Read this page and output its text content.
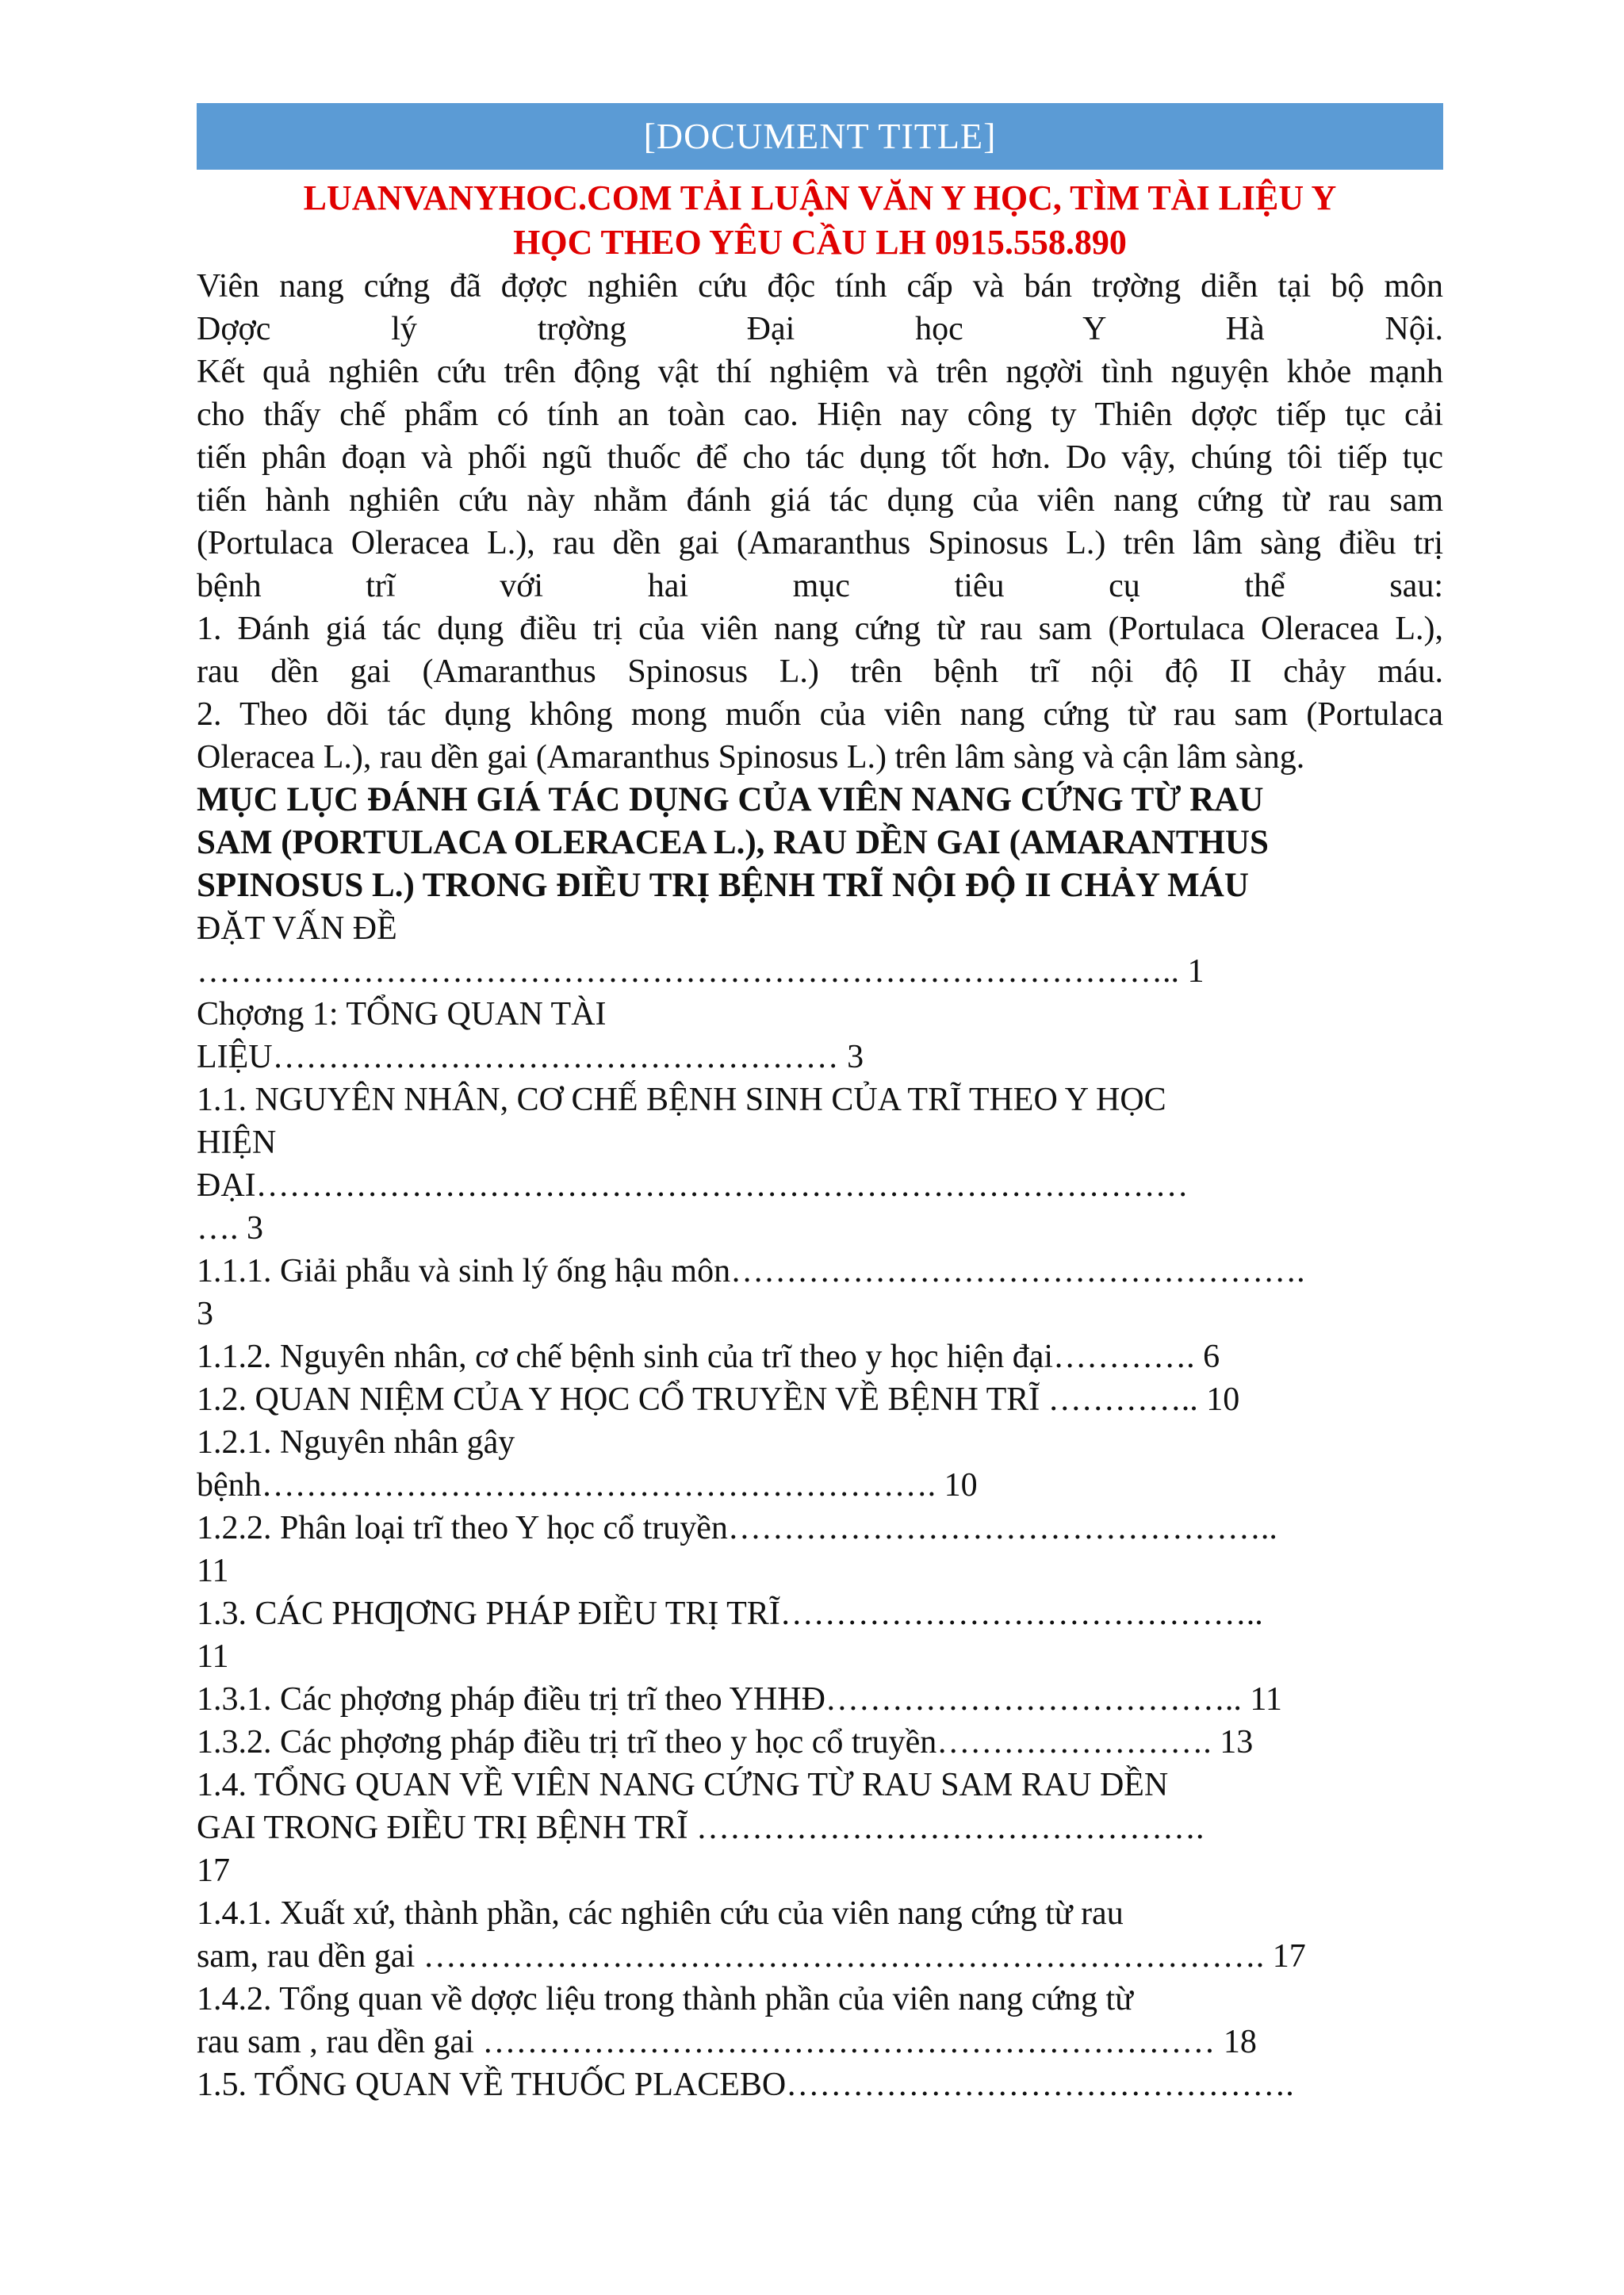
[DOCUMENT TITLE]
LUANVANYHOC.COM TẢI LUẬN VĂN Y HỌC, TÌM TÀI LIỆU Y
HỌC THEO YÊU CẦU LH 0915.558.890
Viên nang cứng đã đợợc nghiên cứu độc tính cấp và bán trợờng diễn tại bộ môn
Dợợc lý trợờng Đại học Y Hà Nội.
Kết quả nghiên cứu trên động vật thí nghiệm và trên ngợời tình nguyện khỏe mạnh
cho thấy chế phẩm có tính an toàn cao. Hiện nay công ty Thiên dợợc tiếp tục cải
tiến phân đoạn và phối ngũ thuốc để cho tác dụng tốt hơn. Do vậy, chúng tôi tiếp tục
tiến hành nghiên cứu này nhằm đánh giá tác dụng của viên nang cứng từ rau sam
(Portulaca Oleracea L.), rau dền gai (Amaranthus Spinosus L.) trên lâm sàng điều trị
bệnh trĩ với hai mục tiêu cụ thể sau:
1. Đánh giá tác dụng điều trị của viên nang cứng từ rau sam (Portulaca Oleracea L.),
rau dền gai (Amaranthus Spinosus L.) trên bệnh trĩ nội độ II chảy máu.
2. Theo dõi tác dụng không mong muốn của viên nang cứng từ rau sam (Portulaca
Oleracea L.), rau dền gai (Amaranthus Spinosus L.) trên lâm sàng và cận lâm sàng.
MỤC LỤC ĐÁNH GIÁ TÁC DỤNG CỦA VIÊN NANG CỨNG TỪ RAU
SAM (PORTULACA OLERACEA L.), RAU DỀN GAI (AMARANTHUS
SPINOSUS L.) TRONG ĐIỀU TRỊ BỆNH TRĨ NỘI ĐỘ II CHẢY MÁU
ĐẶT VẤN ĐỀ
…………………………………………………………………………….. 1
Chợơng 1: TỔNG QUAN TÀI
LIỆU…………………………………………… 3
1.1. NGUYÊN NHÂN, CƠ CHẾ BỆNH SINH CỦA TRĨ THEO Y HỌC
HIỆN
ĐẠI…………………………………………………………………………
…. 3
1.1.1. Giải phẫu và sinh lý ống hậu môn…………………………………………….
3
1.1.2. Nguyên nhân, cơ chế bệnh sinh của trĩ theo y học hiện đại…………. 6
1.2. QUAN NIỆM CỦA Y HỌC CỔ TRUYỀN VỀ BỆNH TRĨ ………….. 10
1.2.1. Nguyên nhân gây
bệnh……………………………………………………. 10
1.2.2. Phân loại trĩ theo Y học cổ truyền…………………………………………..
11
1.3. CÁC PHƢƠNG PHÁP ĐIỀU TRỊ TRĨ……………………………………..
11
1.3.1. Các phợơng pháp điều trị trĩ theo YHHĐ……………………………….. 11
1.3.2. Các phợơng pháp điều trị trĩ theo y học cổ truyền……………………. 13
1.4. TỔNG QUAN VỀ VIÊN NANG CỨNG TỪ RAU SAM RAU DỀN
GAI TRONG ĐIỀU TRỊ BỆNH TRĨ ……………………………………….
17
1.4.1. Xuất xứ, thành phần, các nghiên cứu của viên nang cứng từ rau
sam, rau dền gai …………………………………………………………………. 17
1.4.2. Tổng quan về dợợc liệu trong thành phần của viên nang cứng từ
rau sam , rau dền gai ………………………………………………………… 18
1.5. TỔNG QUAN VỀ THUỐC PLACEBO……………………………………….
